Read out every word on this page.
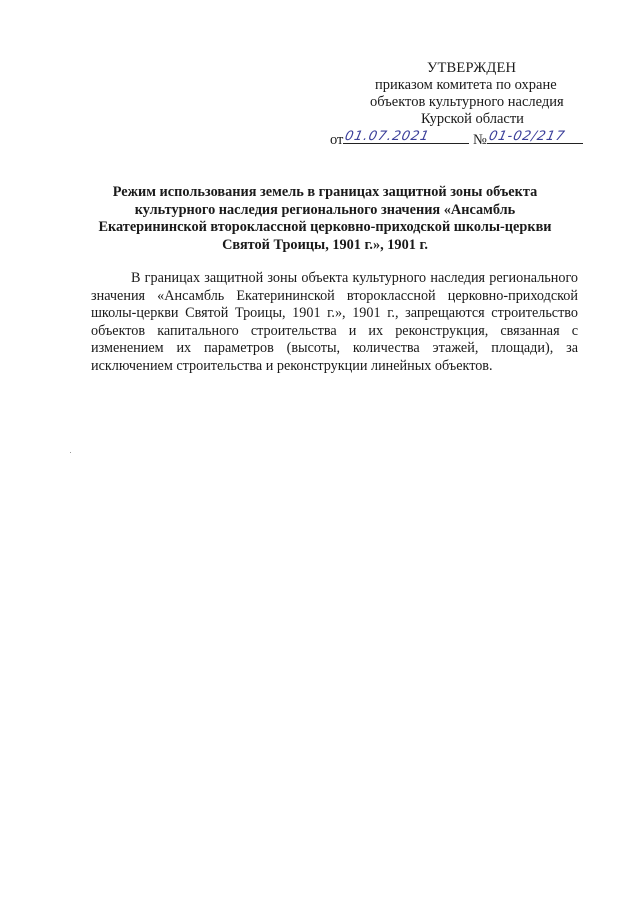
УТВЕРЖДЕН
приказом комитета по охране
объектов культурного наследия
Курской области
от 01.07.2021	№ 01-02/217
Режим использования земель в границах защитной зоны объекта культурного наследия регионального значения «Ансамбль Екатерининской второклассной церковно-приходской школы-церкви Святой Троицы, 1901 г.», 1901 г.

В границах защитной зоны объекта культурного наследия регионального значения «Ансамбль Екатерининской второклассной церковно-приходской школы-церкви Святой Троицы, 1901 г.», 1901 г., запрещаются строительство объектов капитального строительства и их реконструкция, связанная с изменением их параметров (высоты, количества этажей, площади), за исключением строительства и реконструкции линейных объектов.
